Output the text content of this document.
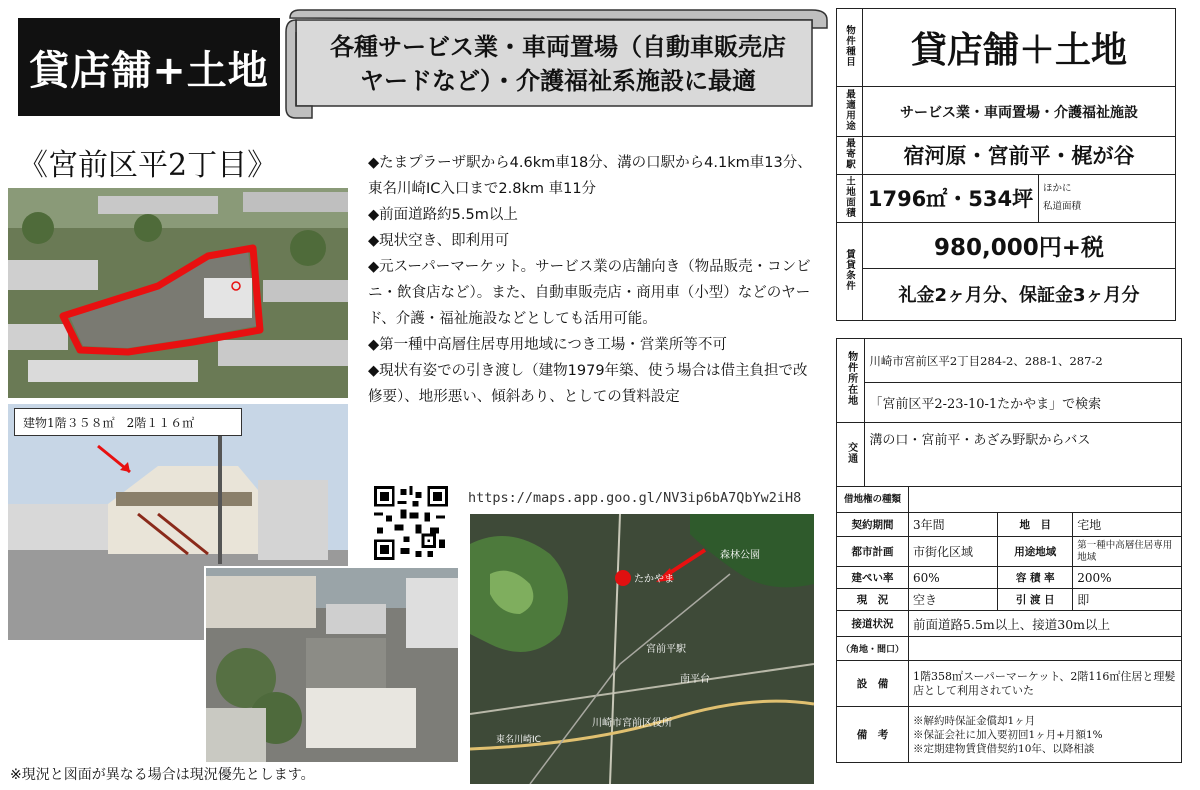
貸店舗+土地
各種サービス業・車両置場（自動車販売店
ヤードなど）・介護福祉系施設に最適
《宮前区平2丁目》
建物1階３５８㎡　2階１１６㎡

◆たまプラーザ駅から4.6km車18分、溝の口駅から4.1km車13分、東名川崎IC入口まで2.8km 車11分

◆前面道路約5.5m以上

◆現状空き、即利用可

◆元スーパーマーケット。サービス業の店舗向き（物品販売・コンビニ・飲食店など）。また、自動車販売店・商用車（小型）などのヤード、介護・福祉施設などとしても活用可能。

◆第一種中高層住居専用地域につき工場・営業所等不可

◆現状有姿での引き渡し（建物1979年築、使う場合は借主負担で改修要）、地形悪い、傾斜あり、としての賃料設定

https://maps.app.goo.gl/NV3ip6bA7QbYw2iH8
森林公園
たかやま
宮前平駅
川崎市宮前区役所
東名川崎IC
南平台
※現況と図面が異なる場合は現況優先とします。
物件種目	貸店舗＋土地	
最適用途	サービス業・車両置場・介護福祉施設	
最寄駅	宿河原・宮前平・梶が谷	
土地面積	1796㎡・534坪	ほかに
私道面積

賃貸条件	980,000円+税	
	礼金2ヶ月分、保証金3ヶ月分	
物件所在地	川崎市宮前区平2丁目284-2、288-1、287-2			
	「宮前区平2-23-10-1たかやま」で検索			
交通	溝の口・宮前平・あざみ野駅からバス			
借地権の種類				
契約期間		3年間	地　目	宅地
都市計画		市街化区域	用途地域	第一種中高層住居専用地域
建ぺい率		60%	容 積 率	200%
現　況		空き	引 渡 日	即
接道状況		前面道路5.5m以上、接道30m以上		
（角地・間口）				
設　備		1階358㎡スーパーマーケット、2階116㎡住居と理髪店として利用されていた		
備　考		※解約時保証金償却1ヶ月
※保証会社に加入要初回1ヶ月+月額1%
※定期建物賃貸借契約10年、以降相談		
